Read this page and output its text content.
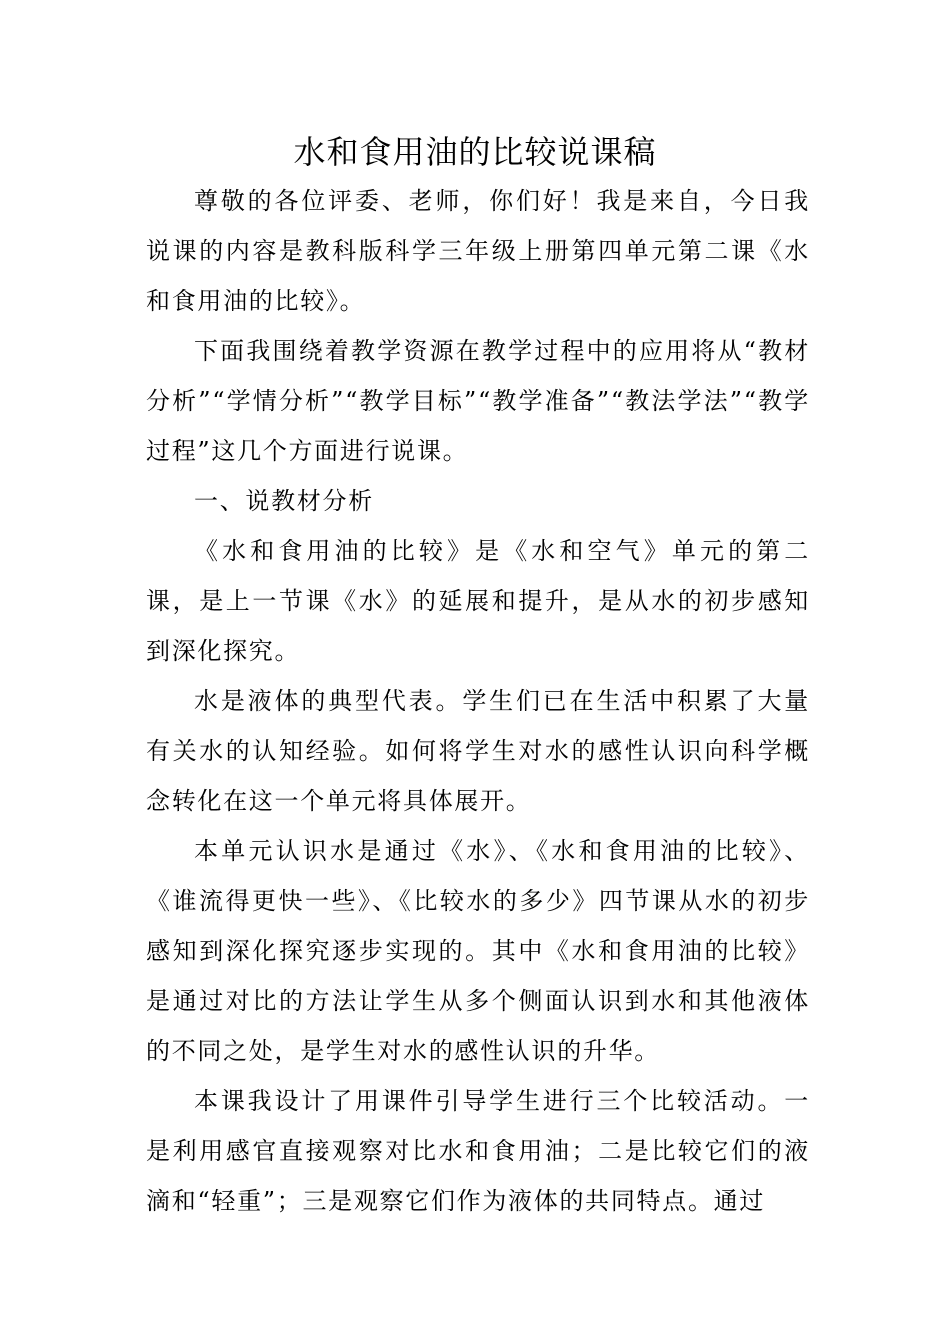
水和食用油的比较说课稿

尊敬的各位评委、老师，你们好！我是来自，今日我说课的内容是教科版科学三年级上册第四单元第二课《水和食用油的比较》。

下面我围绕着教学资源在教学过程中的应用将从“教材分析”“学情分析”“教学目标”“教学准备”“教法学法”“教学过程”这几个方面进行说课。

一、说教材分析

《水和食用油的比较》是《水和空气》单元的第二课，是上一节课《水》的延展和提升，是从水的初步感知到深化探究。

水是液体的典型代表。学生们已在生活中积累了大量有关水的认知经验。如何将学生对水的感性认识向科学概念转化在这一个单元将具体展开。

本单元认识水是通过《水》、《水和食用油的比较》、《谁流得更快一些》、《比较水的多少》四节课从水的初步感知到深化探究逐步实现的。其中《水和食用油的比较》是通过对比的方法让学生从多个侧面认识到水和其他液体的不同之处，是学生对水的感性认识的升华。

本课我设计了用课件引导学生进行三个比较活动。一是利用感官直接观察对比水和食用油；二是比较它们的液滴和“轻重”；三是观察它们作为液体的共同特点。通过
